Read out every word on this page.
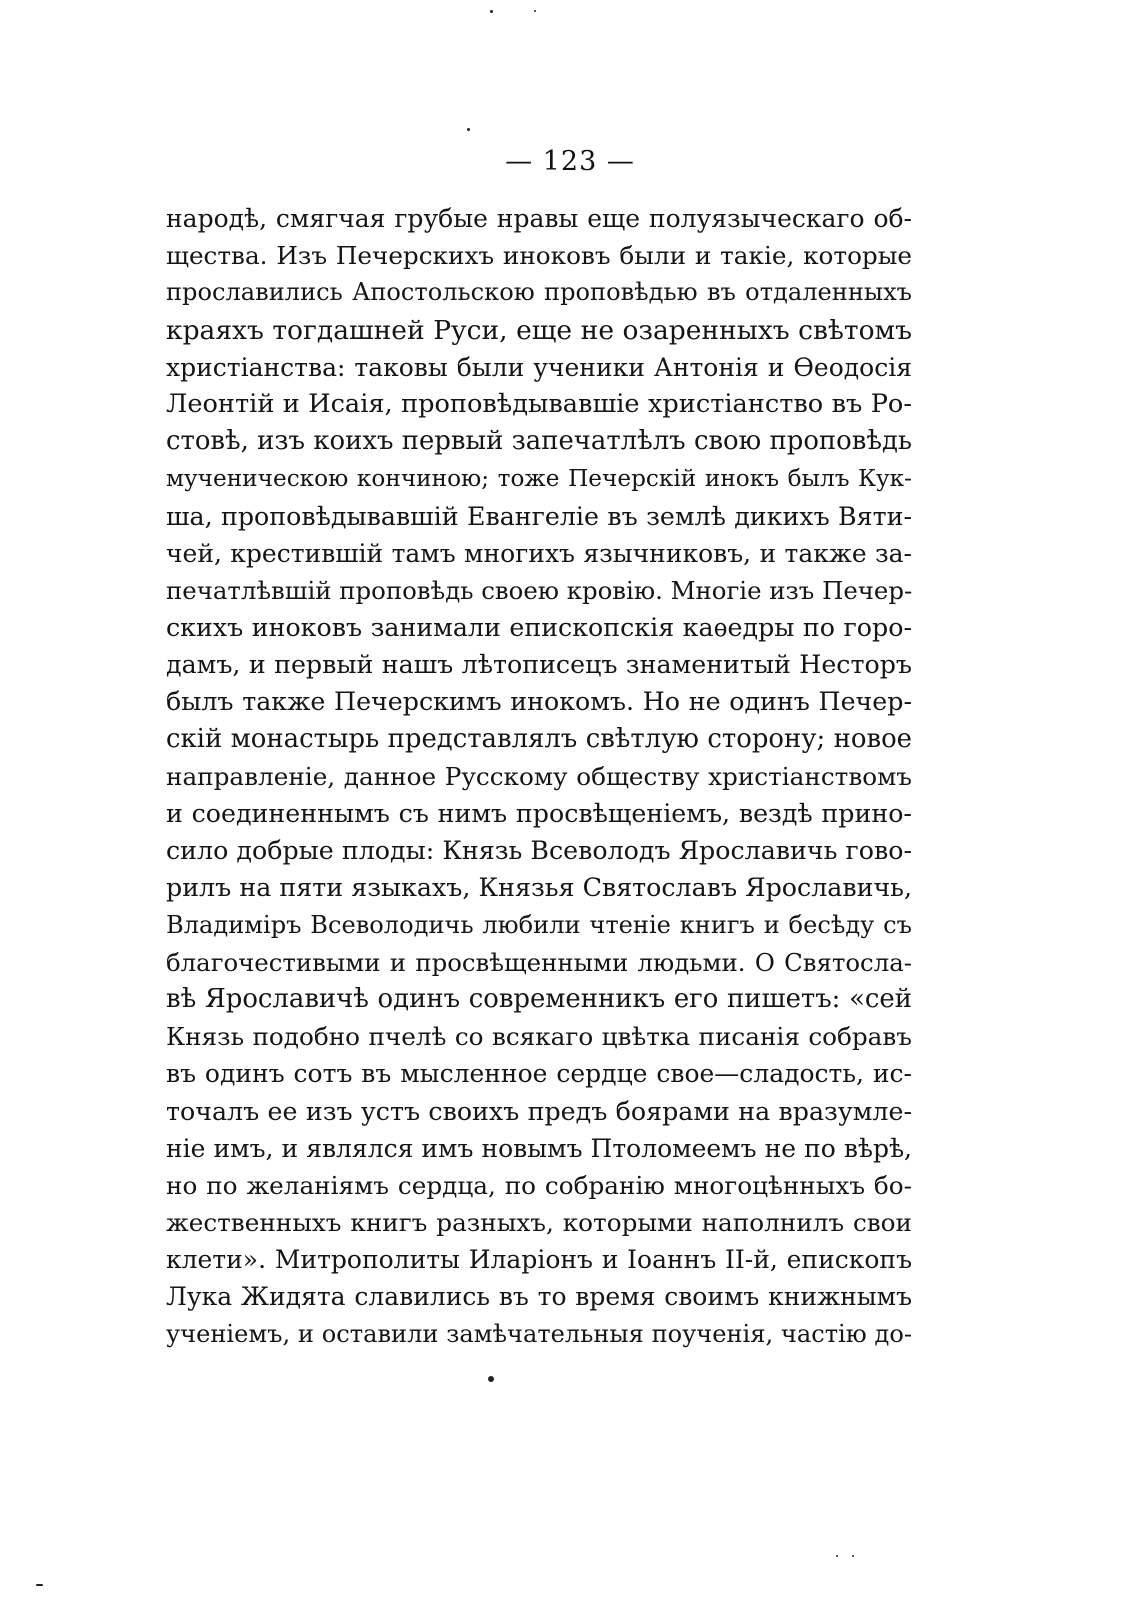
— 123 —
народѣ, смягчая грубые нравы еще полуязыческаго об-
щества. Изъ Печерскихъ иноковъ были и такіе, которые
прославились Апостольскою проповѣдью въ отдаленныхъ
краяхъ тогдашней Руси, еще не озаренныхъ свѣтомъ
христіанства: таковы были ученики Антонія и Ѳеодосія
Леонтій и Исаія, проповѣдывавшіе христіанство въ Ро-
стовѣ, изъ коихъ первый запечатлѣлъ свою проповѣдь
мученическою кончиною; тоже Печерскій инокъ былъ Кук-
ша, проповѣдывавшій Евангеліе въ землѣ дикихъ Вяти-
чей, крестившій тамъ многихъ язычниковъ, и также за-
печатлѣвшій проповѣдь своею кровію. Многіе изъ Печер-
скихъ иноковъ занимали епископскія каѳедры по горо-
дамъ, и первый нашъ лѣтописецъ знаменитый Несторъ
былъ также Печерскимъ инокомъ. Но не одинъ Печер-
скій монастырь представлялъ свѣтлую сторону; новое
направленіе, данное Русскому обществу христіанствомъ
и соединеннымъ съ нимъ просвѣщеніемъ, вездѣ прино-
сило добрые плоды: Князь Всеволодъ Ярославичь гово-
рилъ на пяти языкахъ, Князья Святославъ Ярославичь,
Владиміръ Всеволодичь любили чтеніе книгъ и бесѣду съ
благочестивыми и просвѣщенными людьми. О Святосла-
вѣ Ярославичѣ одинъ современникъ его пишетъ: «сей
Князь подобно пчелѣ со всякаго цвѣтка писанія собравъ
въ одинъ сотъ въ мысленное сердце свое—сладость, ис-
точалъ ее изъ устъ своихъ предъ боярами на вразумле-
ніе имъ, и являлся имъ новымъ Птоломеемъ не по вѣрѣ,
но по желаніямъ сердца, по собранію многоцѣнныхъ бо-
жественныхъ книгъ разныхъ, которыми наполнилъ свои
клети». Митрополиты Иларіонъ и Іоаннъ ІІ-й, епископъ
Лука Жидята славились въ то время своимъ книжнымъ
ученіемъ, и оставили замѣчательныя поученія, частію до-
